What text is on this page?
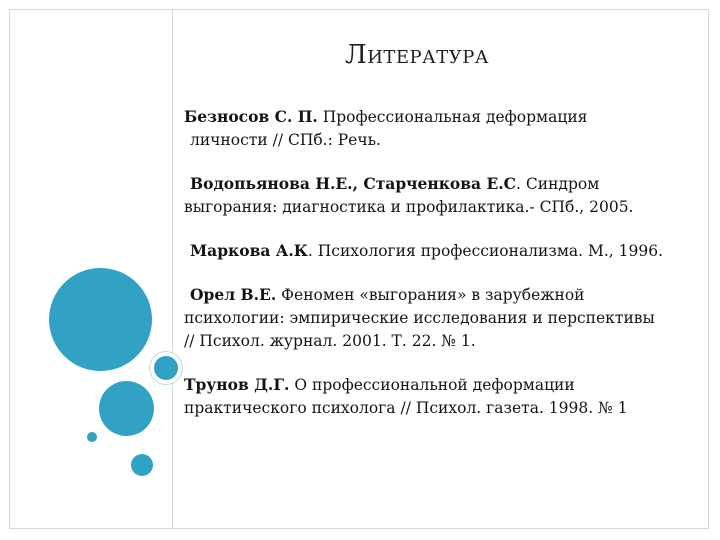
Литература

Безносов С. П. Профессиональная деформация
личности // СПб.: Речь.

Водопьянова Н.Е., Старченкова Е.С. Синдром
выгорания: диагностика и профилактика.- СПб., 2005.

Маркова А.К. Психология профессионализма. М., 1996.

Орел В.Е. Феномен «выгорания» в зарубежной
психологии: эмпирические исследования и перспективы
// Психол. журнал. 2001. Т. 22. № 1.

Трунов Д.Г. О профессиональной деформации
практического психолога // Психол. газета. 1998. № 1
